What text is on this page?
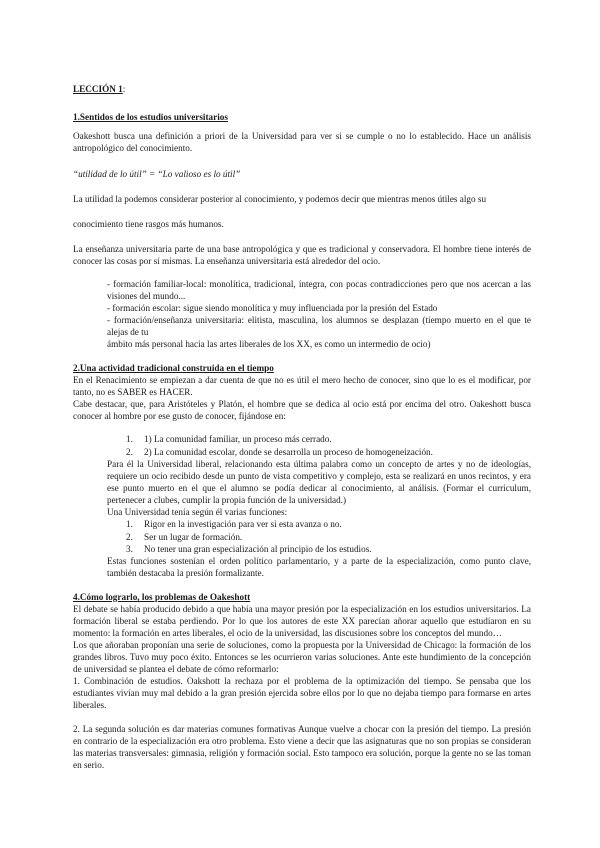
LECCIÓN 1:

1.Sentidos de los estudios universitarios

Oakeshott busca una definición a priori de la Universidad para ver si se cumple o no lo establecido. Hace un análisis antropológico del conocimiento.

“utilidad de lo útil” = “Lo valioso es lo útil”

La utilidad la podemos considerar posterior al conocimiento, y podemos decir que mientras menos útiles algo su

conocimiento tiene rasgos más humanos.

La enseñanza universitaria parte de una base antropológica y que es tradicional y conservadora. El hombre tiene interés de conocer las cosas por sí mismas. La enseñanza universitaria está alrededor del ocio.

- formación familiar-local: monolítica, tradicional, íntegra, con pocas contradicciones pero que nos acercan a las visiones del mundo...

- formación escolar: sigue siendo monolítica y muy influenciada por la presión del Estado

- formación/enseñanza universitaria: elitista, masculina, los alumnos se desplazan (tiempo muerto en el que te alejas de tu

ámbito más personal hacia las artes liberales de los XX, es como un intermedio de ocio)

2.Una actividad tradicional construida en el tiempo

En el Renacimiento se empiezan a dar cuenta de que no es útil el mero hecho de conocer, sino que lo es el modificar, por tanto, no es SABER es HACER.

Cabe destacar, que, para Aristóteles y Platón, el hombre que se dedica al ocio está por encima del otro. Oakeshott busca conocer al hombre por ese gusto de conocer, fijándose en:

1. 1) La comunidad familiar, un proceso más cerrado.

2. 2) La comunidad escolar, donde se desarrolla un proceso de homogeneización.

Para él la Universidad liberal, relacionando esta última palabra como un concepto de artes y no de ideologías, requiere un ocio recibido desde un punto de vista competitivo y complejo, esta se realizará en unos recintos, y era ese punto muerto en el que el alumno se podía dedicar al conocimiento, al análisis. (Formar el currículum, pertenecer a clubes, cumplir la propia función de la universidad.)

Una Universidad tenía según él varias funciones:

1. Rigor en la investigación para ver si esta avanza o no.

2. Ser un lugar de formación.

3. No tener una gran especialización al principio de los estudios.

Estas funciones sostenían el orden político parlamentario, y a parte de la especialización, como punto clave, también destacaba la presión formalizante.

4.Cómo lograrlo, los problemas de Oakeshott

El debate se había producido debido a que había una mayor presión por la especialización en los estudios universitarios. La formación liberal se estaba perdiendo. Por lo que los autores de este XX parecían añorar aquello que estudiaron en su momento: la formación en artes liberales, el ocio de la universidad, las discusiones sobre los conceptos del mundo…

Los que añoraban proponían una serie de soluciones, como la propuesta por la Universidad de Chicago: la formación de los grandes libros. Tuvo muy poco éxito. Entonces se les ocurrieron varias soluciones. Ante este hundimiento de la concepción de universidad se plantea el debate de cómo reformarlo:

1. Combinación de estudios. Oakshott la rechaza por el problema de la optimización del tiempo. Se pensaba que los estudiantes vivían muy mal debido a la gran presión ejercida sobre ellos por lo que no dejaba tiempo para formarse en artes liberales.

2. La segunda solución es dar materias comunes formativas Aunque vuelve a chocar con la presión del tiempo. La presión en contrario de la especialización era otro problema. Esto viene a decir que las asignaturas que no son propias se consideran las materias transversales: gimnasia, religión y formación social. Esto tampoco era solución, porque la gente no se las toman en serio.
